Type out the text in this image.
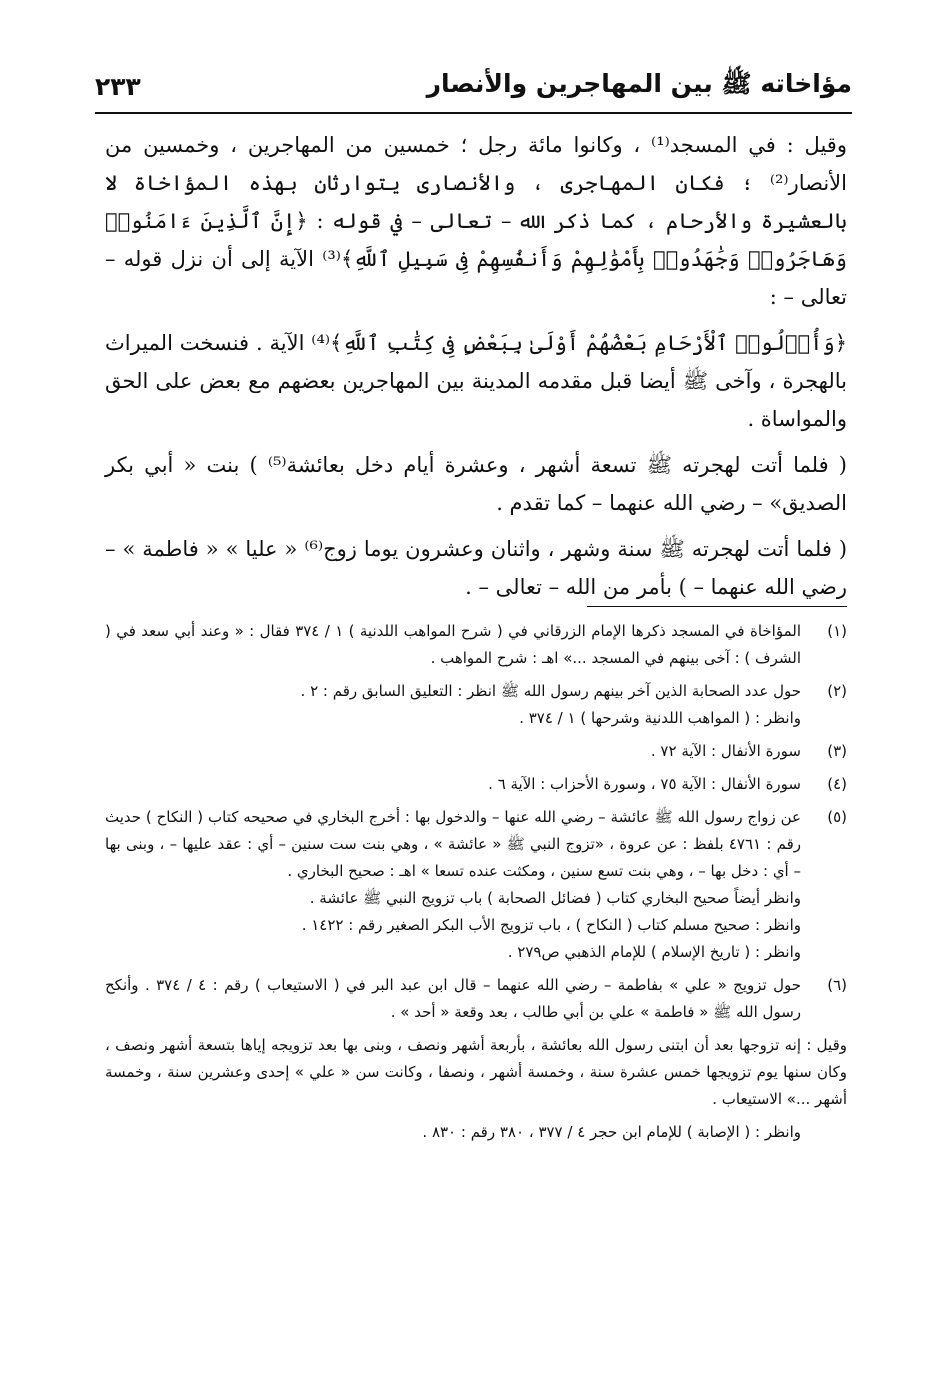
مؤاخاته ﷺ بين المهاجرين والأنصار
٢٣٣

وقيل : في المسجد⁽¹⁾ ، وكانوا مائة رجل ؛ خمسين من المهاجرين ، وخمسين من الأنصار⁽²⁾ ؛ فكان المهاجرى ، والأنصارى يتوارثان بهذه المؤاخاة لا بالعشيرة والأرحام ، كما ذكر الله – تعالى – في قوله : ﴿إِنَّ ٱلَّذِينَ ءَامَنُوا۟ وَهَاجَرُوا۟ وَجَٰهَدُوا۟ بِأَمْوَٰلِهِمْ وَأَنفُسِهِمْ فِى سَبِيلِ ٱللَّهِ﴾⁽³⁾ الآية إلى أن نزل قوله – تعالى – :

﴿وَأُو۟لُوا۟ ٱلْأَرْحَامِ بَعْضُهُمْ أَوْلَىٰ بِبَعْضٍ فِى كِتَٰبِ ٱللَّهِ﴾⁽⁴⁾ الآية . فنسخت الميراث بالهجرة ، وآخى ﷺ أيضا قبل مقدمه المدينة بين المهاجرين بعضهم مع بعض على الحق والمواساة .

( فلما أتت لهجرته ﷺ تسعة أشهر ، وعشرة أيام دخل بعائشة⁽⁵⁾ ) بنت « أبي بكر الصديق» – رضي الله عنهما – كما تقدم .

( فلما أتت لهجرته ﷺ سنة وشهر ، واثنان وعشرون يوما زوج⁽⁶⁾ « عليا » « فاطمة » – رضي الله عنهما – ) بأمر من الله – تعالى – .

(١)
المؤاخاة في المسجد ذكرها الإمام الزرقاني في ( شرح المواهب اللدنية ) ١ / ٣٧٤ فقال : « وعند أبي سعد في ( الشرف ) : آخى بينهم في المسجد ...» اهـ : شرح المواهب .
(٢)
حول عدد الصحابة الذين آخر بينهم رسول الله ﷺ انظر : التعليق السابق رقم : ٢ .
وانظر : ( المواهب اللدنية وشرحها ) ١ / ٣٧٤ .
(٣)
سورة الأنفال : الآية ٧٢ .
(٤)
سورة الأنفال : الآية ٧٥ ، وسورة الأحزاب : الآية ٦ .
(٥)
عن زواج رسول الله ﷺ عائشة – رضي الله عنها – والدخول بها : أخرج البخاري في صحيحه كتاب ( النكاح ) حديث رقم : ٤٧٦١ بلفظ : عن عروة ، «تزوج النبي ﷺ « عائشة » ، وهي بنت ست سنين – أي : عقد عليها – ، وبنى بها – أي : دخل بها – ، وهي بنت تسع سنين ، ومكثت عنده تسعا » اهـ : صحيح البخاري .
وانظر أيضاً صحيح البخاري كتاب ( فضائل الصحابة ) باب تزويج النبي ﷺ عائشة .
وانظر : صحيح مسلم كتاب ( النكاح ) ، باب تزويج الأب البكر الصغير رقم : ١٤٢٢ .
وانظر : ( تاريخ الإسلام ) للإمام الذهبي ص٢٧٩ .
(٦)
حول تزويج « علي » بفاطمة – رضي الله عنهما – قال ابن عبد البر في ( الاستيعاب ) رقم : ٤ / ٣٧٤ . وأنكح رسول الله ﷺ « فاطمة » علي بن أبي طالب ، بعد وقعة « أحد » .
وقيل : إنه تزوجها بعد أن ابتنى رسول الله بعائشة ، بأربعة أشهر ونصف ، وبنى بها بعد تزويجه إياها بتسعة أشهر ونصف ، وكان سنها يوم تزويجها خمس عشرة سنة ، وخمسة أشهر ، ونصفا ، وكانت سن « علي » إحدى وعشرين سنة ، وخمسة أشهر ...» الاستيعاب .
وانظر : ( الإصابة ) للإمام ابن حجر ٤ / ٣٧٧ ، ٣٨٠ رقم : ٨٣٠ .
